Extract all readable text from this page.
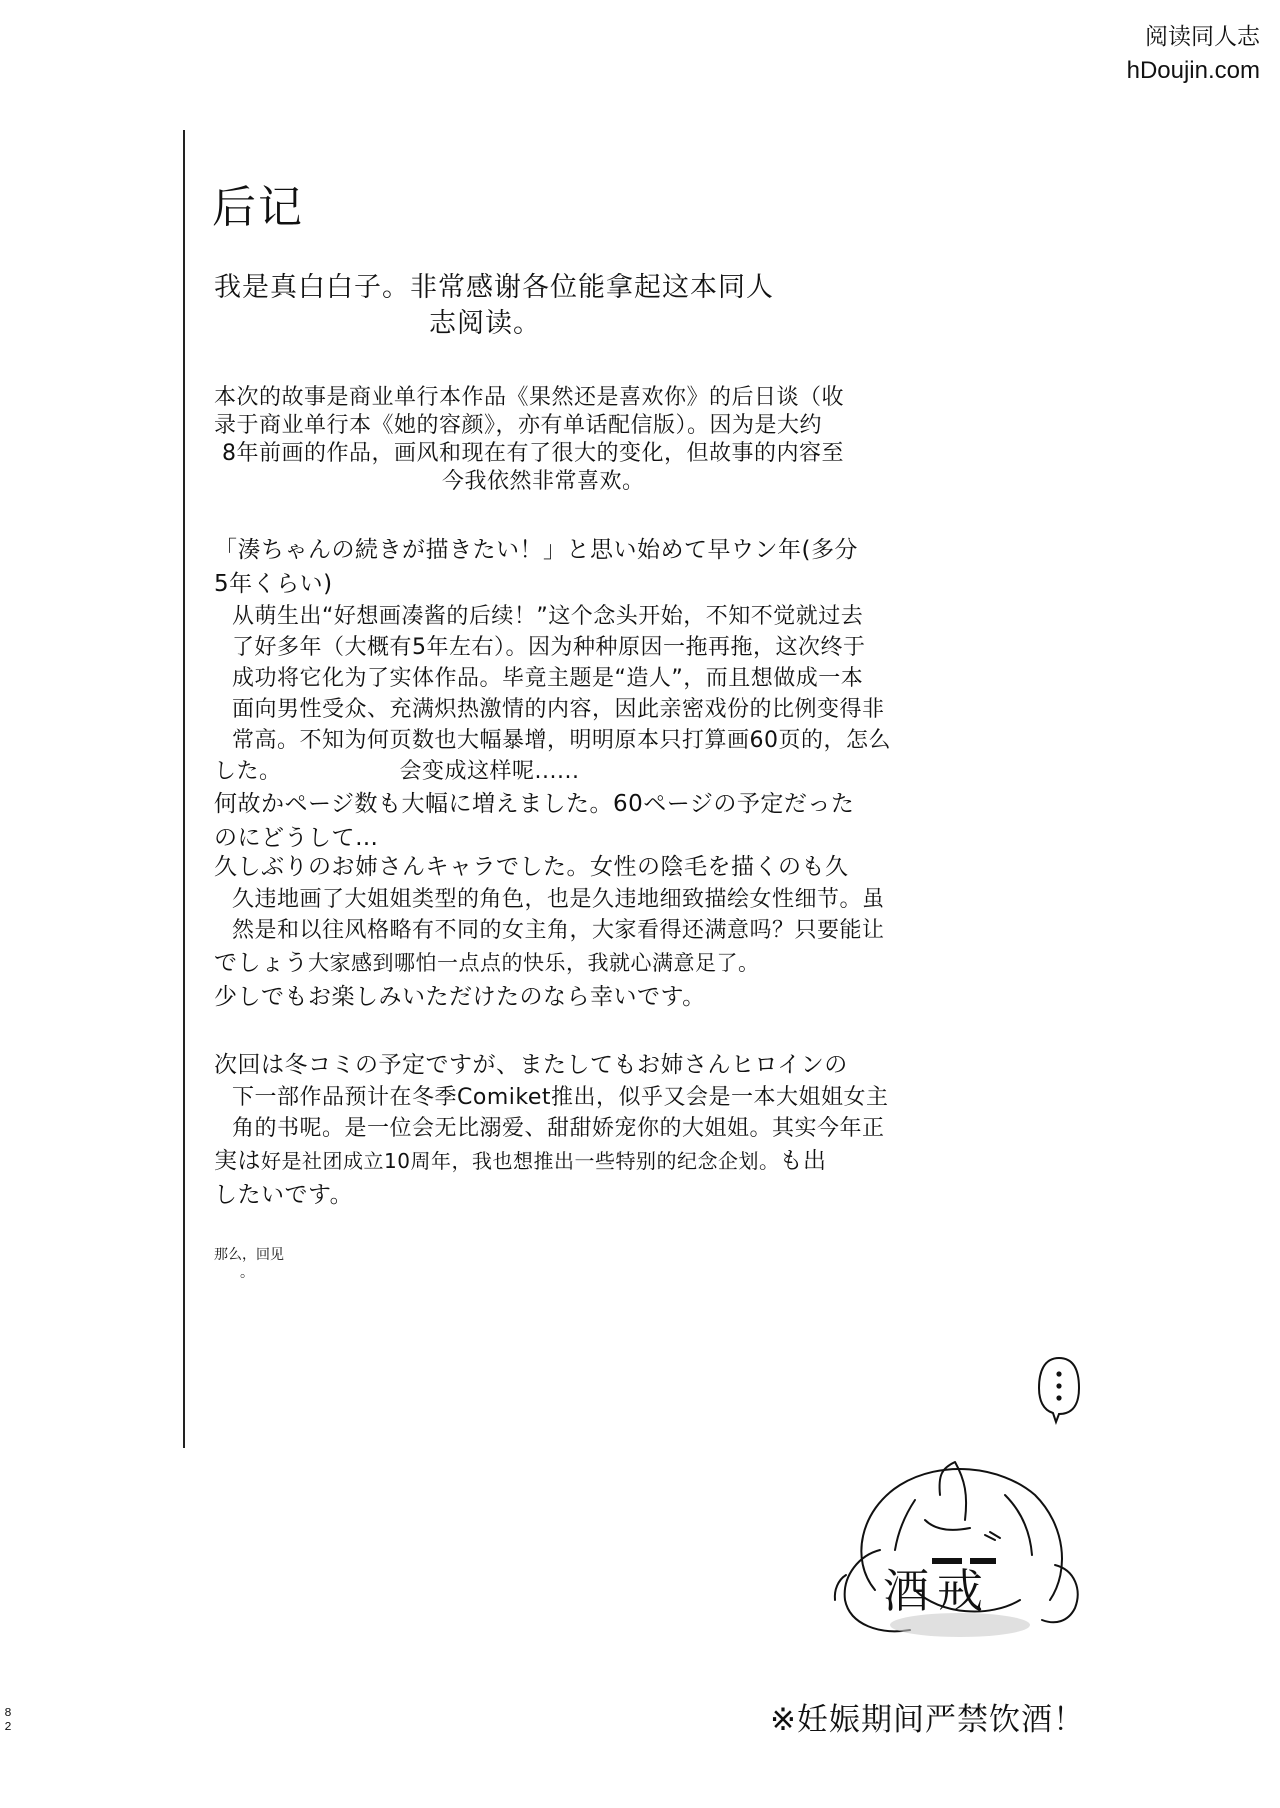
阅读同人志
hDoujin.com
后记
我是真白白子。非常感谢各位能拿起这本同人
志阅读。
本次的故事是商业单行本作品《果然还是喜欢你》的后日谈（收
录于商业单行本《她的容颜》，亦有单话配信版）。因为是大约
8年前画的作品，画风和现在有了很大的变化，但故事的内容至
今我依然非常喜欢。
「湊ちゃんの続きが描きたい！」と思い始めて早ウン年(多分
5年くらい)
从萌生出“好想画凑酱的后续！”这个念头开始，不知不觉就过去
了好多年（大概有5年左右）。因为种种原因一拖再拖，这次终于
成功将它化为了实体作品。毕竟主题是“造人”，而且想做成一本
面向男性受众、充满炽热激情的内容，因此亲密戏份的比例变得非
常高。不知为何页数也大幅暴增，明明原本只打算画60页的，怎么
した。	会变成这样呢......
何故かページ数も大幅に増えました。60ページの予定だった
のにどうして…
久しぶりのお姉さんキャラでした。女性の陰毛を描くのも久
久违地画了大姐姐类型的角色，也是久违地细致描绘女性细节。虽
然是和以往风格略有不同的女主角，大家看得还满意吗？只要能让
でしょう大家感到哪怕一点点的快乐，我就心满意足了。
少しでもお楽しみいただけたのなら幸いです。
次回は冬コミの予定ですが、またしてもお姉さんヒロインの
下一部作品预计在冬季Comiket推出，似乎又会是一本大姐姐女主
角的书呢。是一位会无比溺爱、甜甜娇宠你的大姐姐。其实今年正
実は好是社团成立10周年，我也想推出一些特别的纪念企划。も出
したいです。
那么，回见
。
…
酒戒
※妊娠期间严禁饮酒！
8
2
